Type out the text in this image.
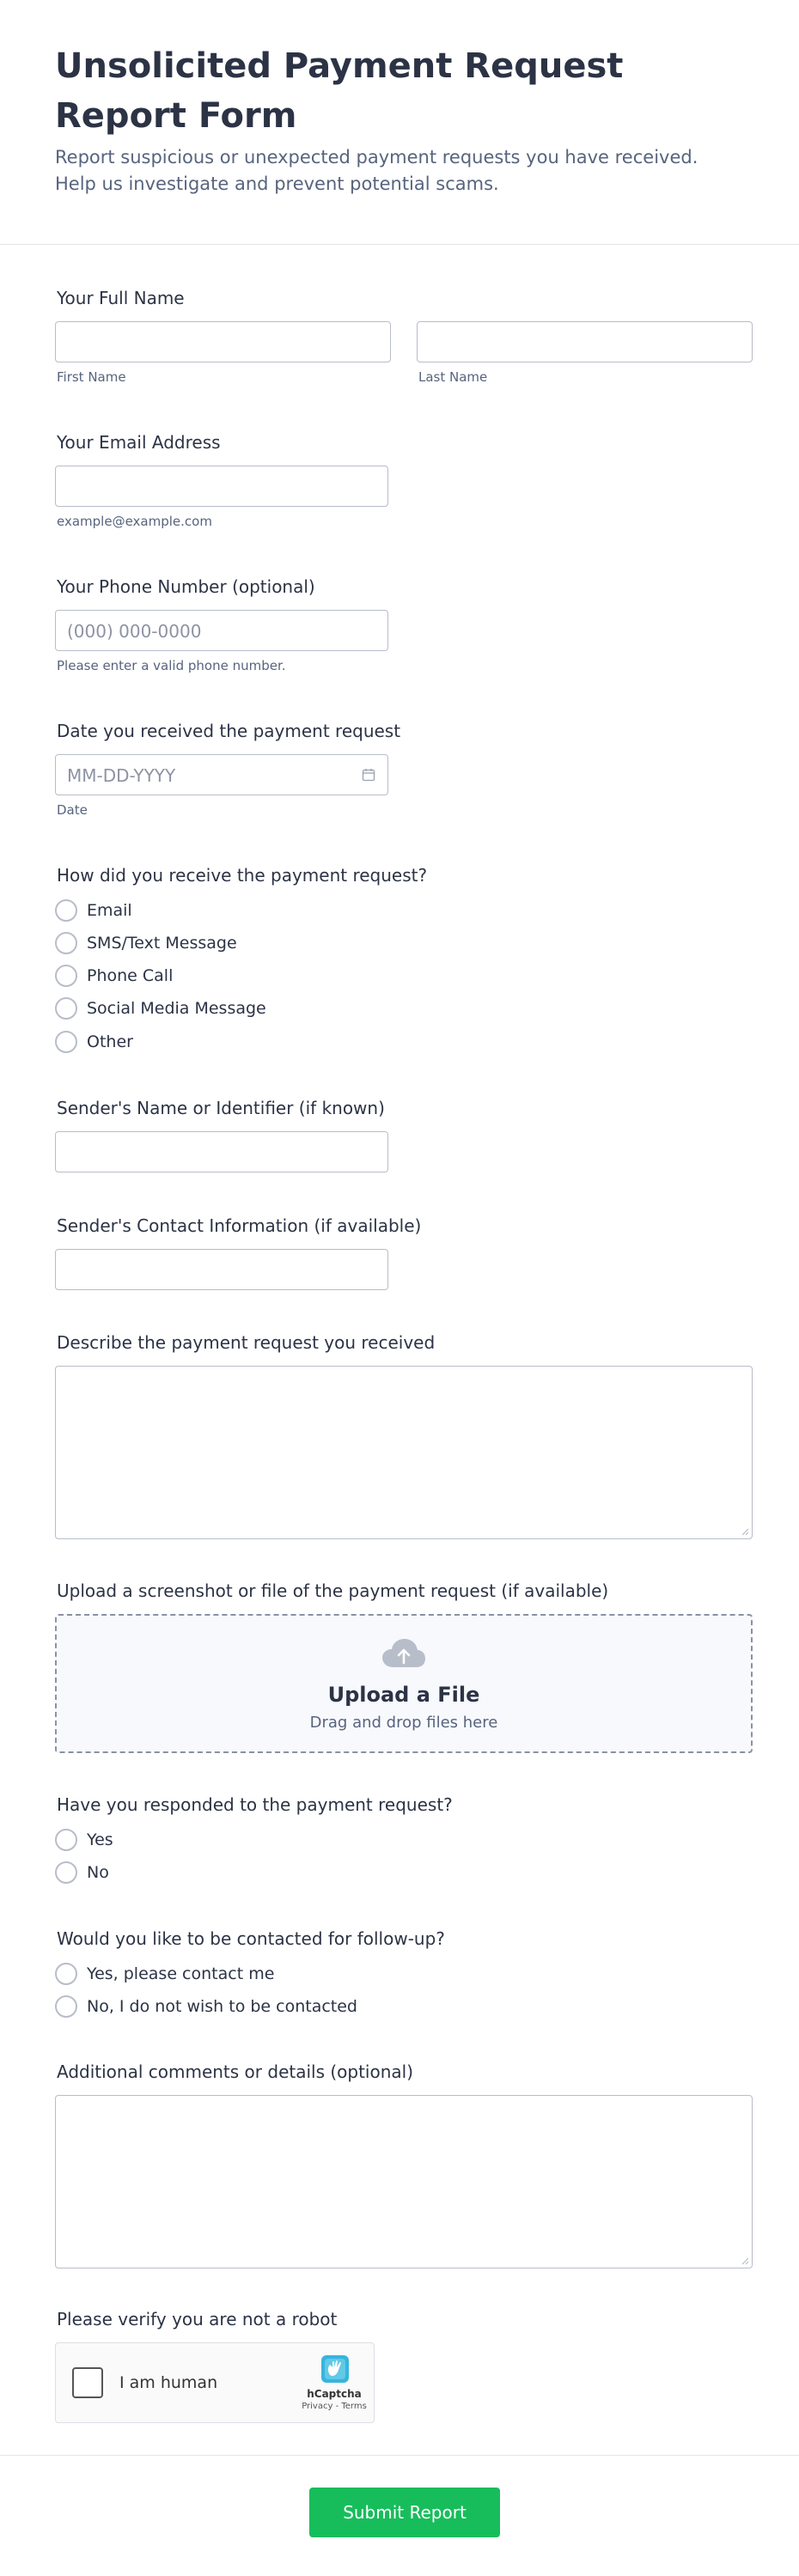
Unsolicited Payment Request Report Form

Report suspicious or unexpected payment requests you have received. Help us investigate and prevent potential scams.

Your Full Name
First Name	Last Name
Your Email Address
example@example.com
Your Phone Number (optional)
(000) 000-0000
Please enter a valid phone number.
Date you received the payment request
MM-DD-YYYY
Date
How did you receive the payment request?
Email
SMS/Text Message
Phone Call
Social Media Message
Other
Sender's Name or Identifier (if known)
Sender's Contact Information (if available)
Describe the payment request you received
Upload a screenshot or file of the payment request (if available)
Upload a File
Drag and drop files here
Have you responded to the payment request?
Yes
No
Would you like to be contacted for follow-up?
Yes, please contact me
No, I do not wish to be contacted
Additional comments or details (optional)
Please verify you are not a robot
I am human
hCaptcha
Privacy - Terms
Submit Report
